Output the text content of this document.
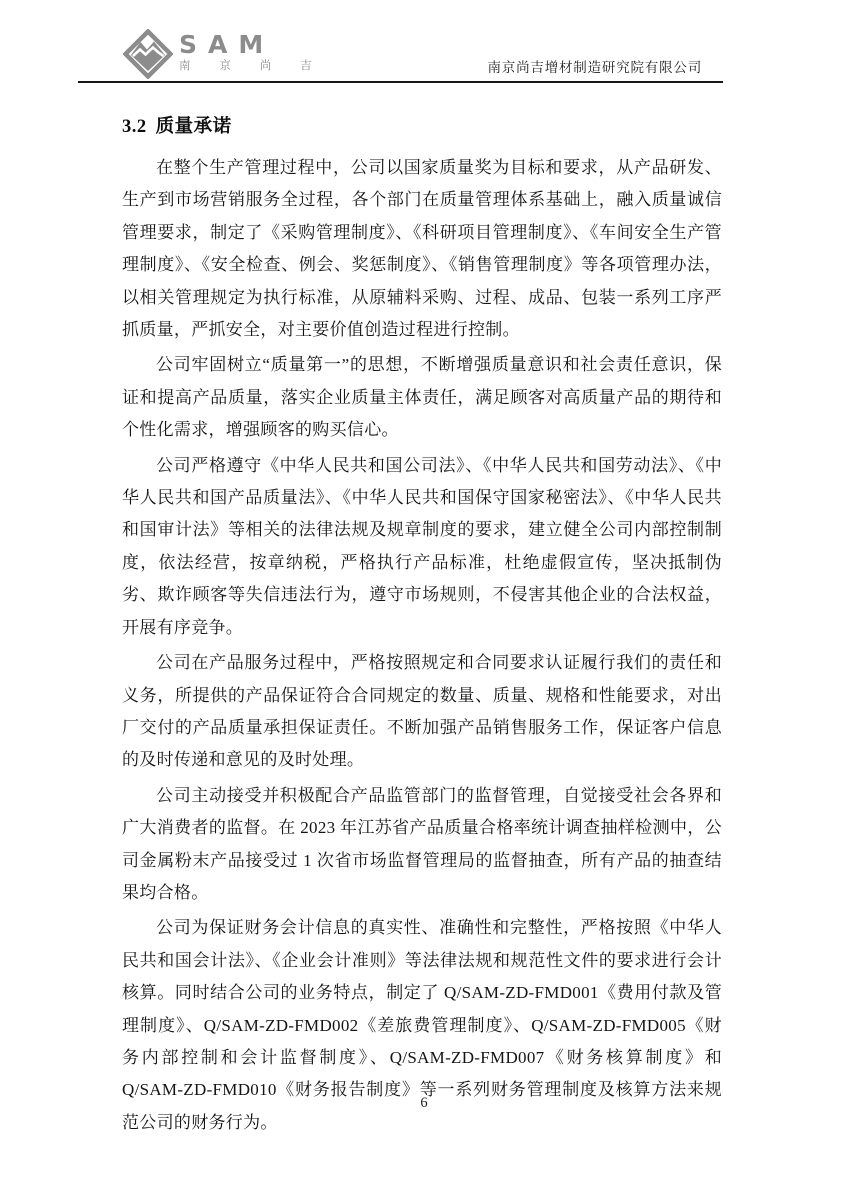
SAM
南 京 尚 吉	南京尚吉增材制造研究院有限公司
3.2 质量承诺

在整个生产管理过程中，公司以国家质量奖为目标和要求，从产品研发、生产到市场营销服务全过程，各个部门在质量管理体系基础上，融入质量诚信管理要求，制定了《采购管理制度》、《科研项目管理制度》、《车间安全生产管理制度》、《安全检查、例会、奖惩制度》、《销售管理制度》等各项管理办法，以相关管理规定为执行标准，从原辅料采购、过程、成品、包装一系列工序严抓质量，严抓安全，对主要价值创造过程进行控制。

公司牢固树立“质量第一”的思想，不断增强质量意识和社会责任意识，保证和提高产品质量，落实企业质量主体责任，满足顾客对高质量产品的期待和个性化需求，增强顾客的购买信心。

公司严格遵守《中华人民共和国公司法》、《中华人民共和国劳动法》、《中华人民共和国产品质量法》、《中华人民共和国保守国家秘密法》、《中华人民共和国审计法》等相关的法律法规及规章制度的要求，建立健全公司内部控制制度，依法经营，按章纳税，严格执行产品标准，杜绝虚假宣传，坚决抵制伪劣、欺诈顾客等失信违法行为，遵守市场规则，不侵害其他企业的合法权益，开展有序竞争。

公司在产品服务过程中，严格按照规定和合同要求认证履行我们的责任和义务，所提供的产品保证符合合同规定的数量、质量、规格和性能要求，对出厂交付的产品质量承担保证责任。不断加强产品销售服务工作，保证客户信息的及时传递和意见的及时处理。

公司主动接受并积极配合产品监管部门的监督管理，自觉接受社会各界和广大消费者的监督。在 2023 年江苏省产品质量合格率统计调查抽样检测中，公司金属粉末产品接受过 1 次省市场监督管理局的监督抽查，所有产品的抽查结果均合格。

公司为保证财务会计信息的真实性、准确性和完整性，严格按照《中华人民共和国会计法》、《企业会计准则》等法律法规和规范性文件的要求进行会计核算。同时结合公司的业务特点，制定了 Q/SAM-ZD-FMD001《费用付款及管理制度》、Q/SAM-ZD-FMD002《差旅费管理制度》、Q/SAM-ZD-FMD005《财务内部控制和会计监督制度》、Q/SAM-ZD-FMD007《财务核算制度》和 Q/SAM-ZD-FMD010《财务报告制度》等一系列财务管理制度及核算方法来规范公司的财务行为。

6
